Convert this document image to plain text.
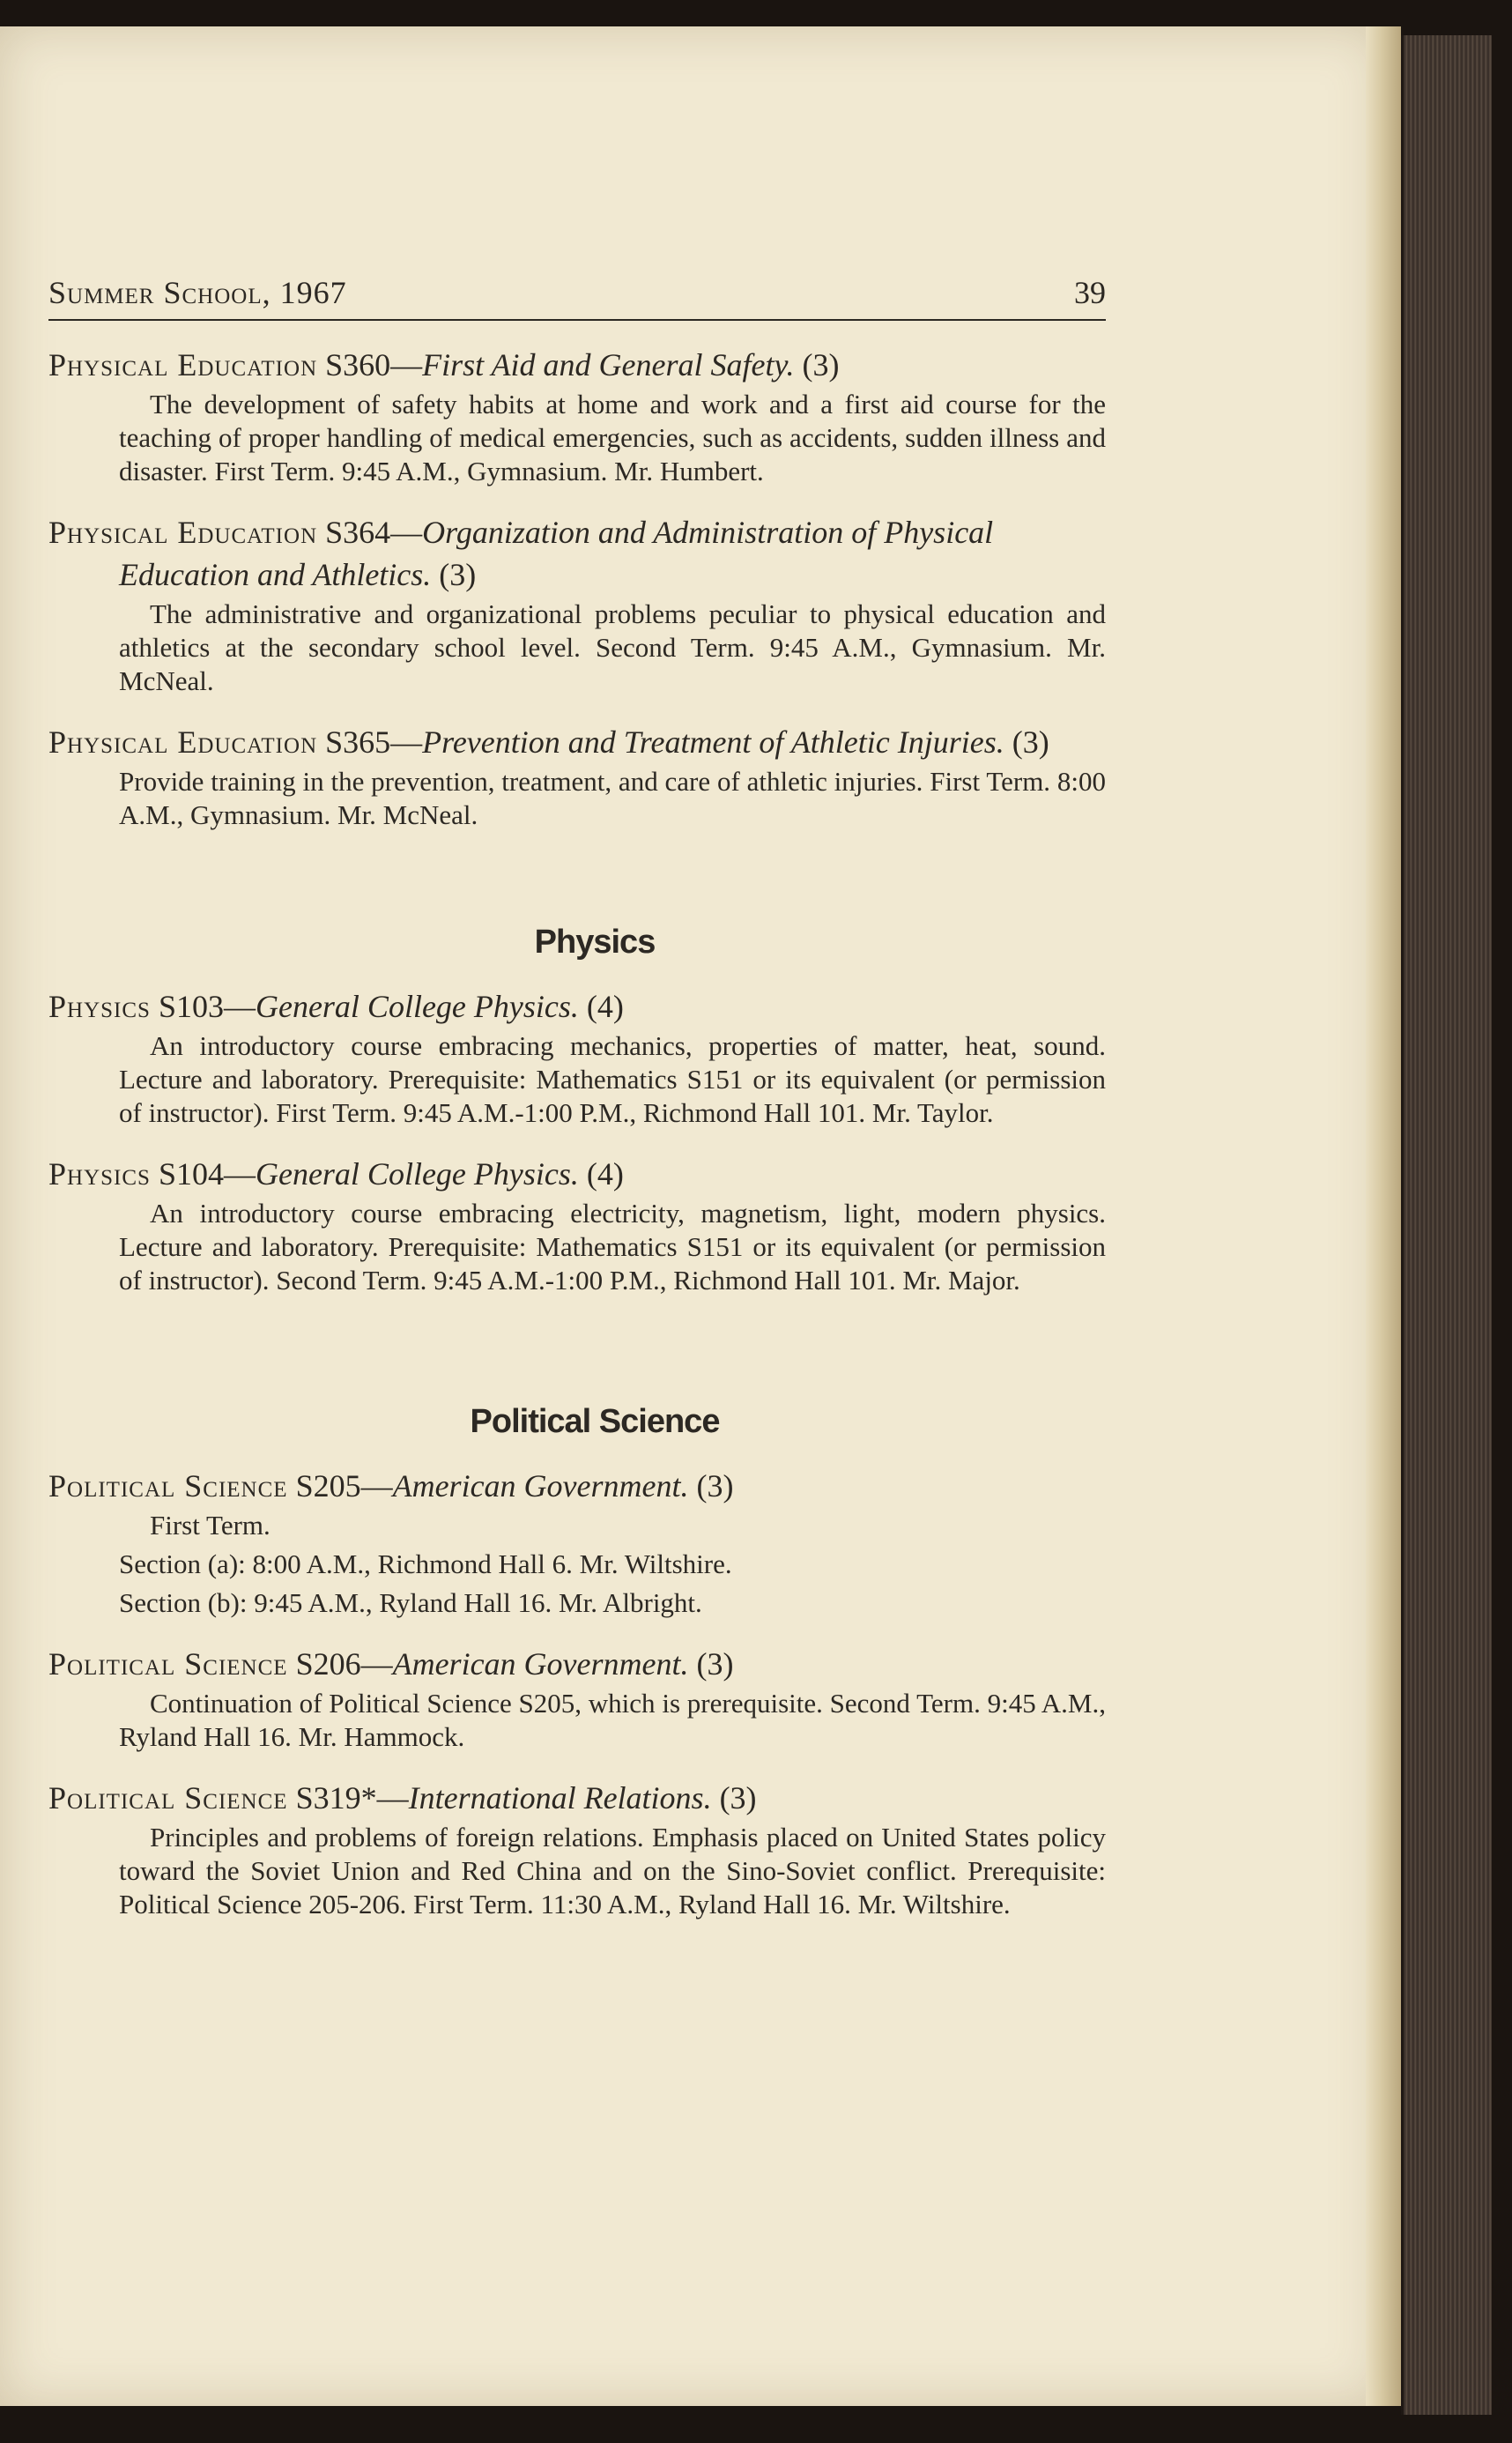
Summer School, 1967	39
Physical Education S360—First Aid and General Safety. (3)

The development of safety habits at home and work and a first aid course for the teaching of proper handling of medical emergencies, such as accidents, sudden illness and disaster. First Term. 9:45 A.M., Gymnasium. Mr. Humbert.

Physical Education S364—Organization and Administration of Physical Education and Athletics. (3)

The administrative and organizational problems peculiar to physical education and athletics at the secondary school level. Second Term. 9:45 A.M., Gymnasium. Mr. McNeal.

Physical Education S365—Prevention and Treatment of Athletic Injuries. (3)

Provide training in the prevention, treatment, and care of athletic injuries. First Term. 8:00 A.M., Gymnasium. Mr. McNeal.

Physics
Physics S103—General College Physics. (4)

An introductory course embracing mechanics, properties of matter, heat, sound. Lecture and laboratory. Prerequisite: Mathematics S151 or its equivalent (or permission of instructor). First Term. 9:45 A.M.-1:00 P.M., Richmond Hall 101. Mr. Taylor.

Physics S104—General College Physics. (4)

An introductory course embracing electricity, magnetism, light, modern physics. Lecture and laboratory. Prerequisite: Mathematics S151 or its equivalent (or permission of instructor). Second Term. 9:45 A.M.-1:00 P.M., Richmond Hall 101. Mr. Major.

Political Science
Political Science S205—American Government. (3)

First Term.

Section (a): 8:00 A.M., Richmond Hall 6. Mr. Wiltshire.

Section (b): 9:45 A.M., Ryland Hall 16. Mr. Albright.

Political Science S206—American Government. (3)

Continuation of Political Science S205, which is prerequisite. Second Term. 9:45 A.M., Ryland Hall 16. Mr. Hammock.

Political Science S319*—International Relations. (3)

Principles and problems of foreign relations. Emphasis placed on United States policy toward the Soviet Union and Red China and on the Sino-Soviet conflict. Prerequisite: Political Science 205-206. First Term. 11:30 A.M., Ryland Hall 16. Mr. Wiltshire.
